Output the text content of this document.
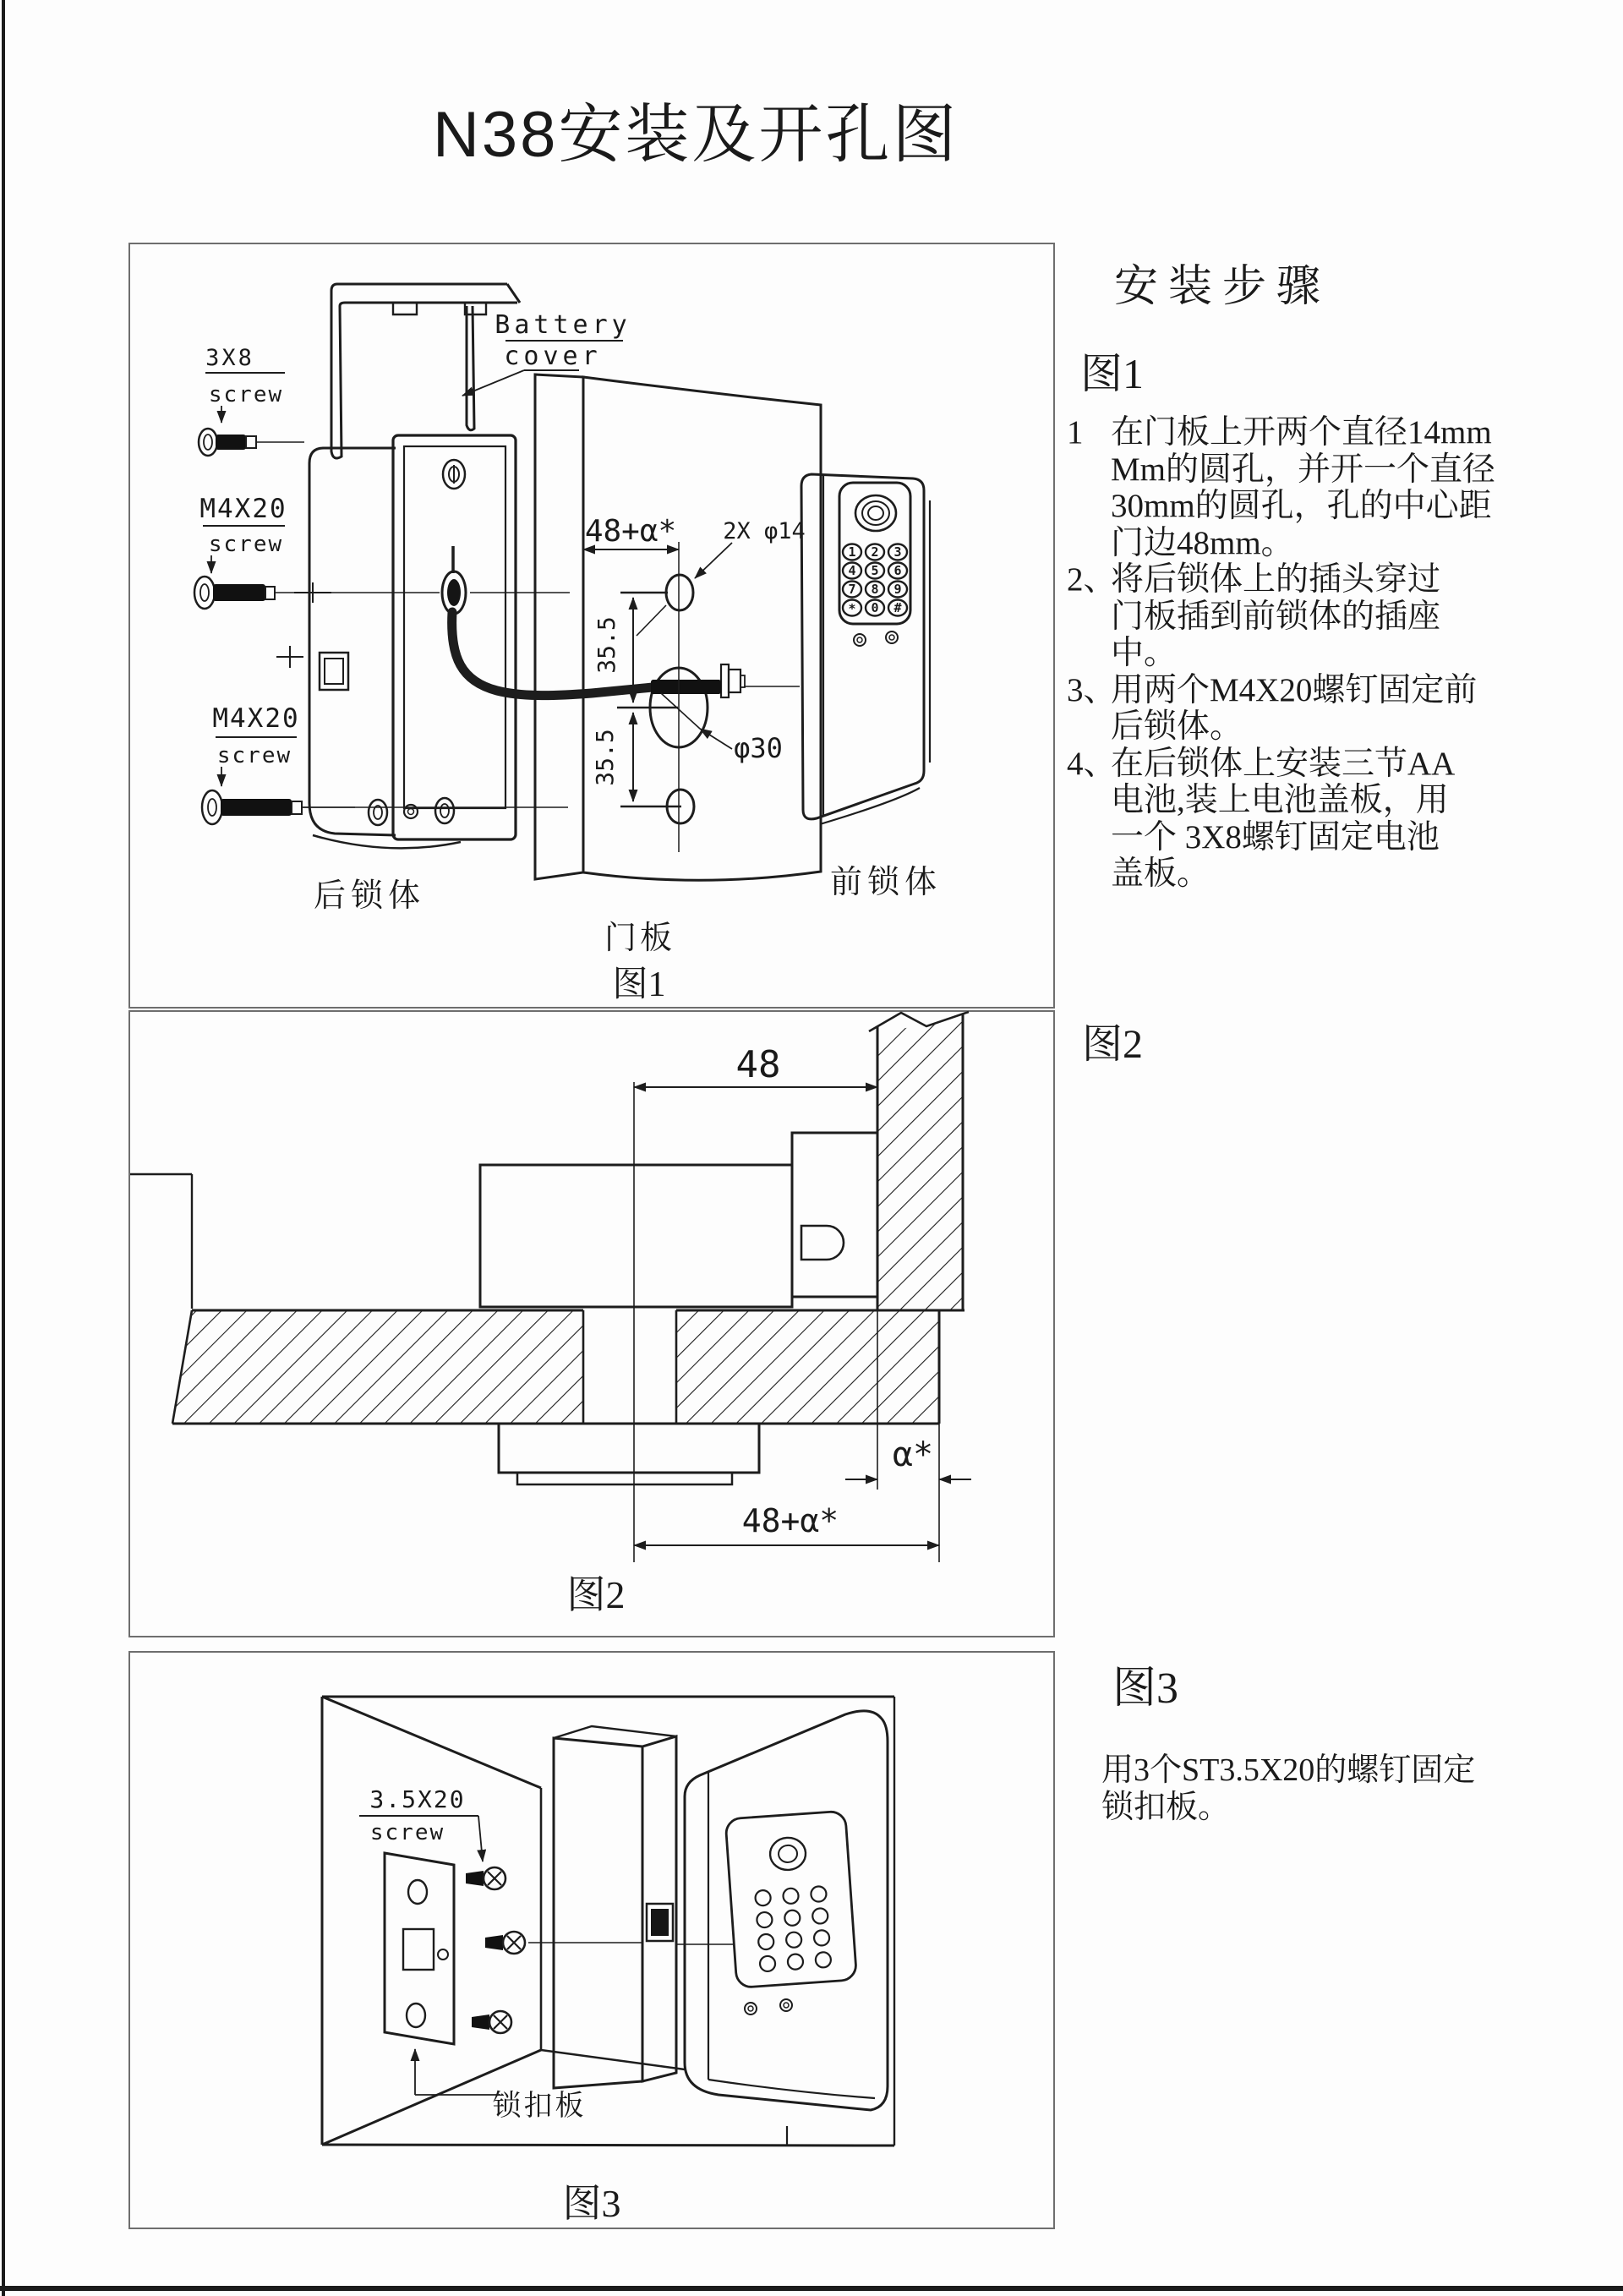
N38安装及开孔图
48+α* 2X φ14
35.5
35.5	φ30
3X8
screw
M4X20
screw
M4X20
screw
Battery
cover
1 2 3
4 5 6
7 8 9
* 0 #
后锁体
门板
前锁体
图1
48
α*
48+α*
图2
3.5X20
screw
锁扣板
图3
安装步骤
图1
1 在门板上开两个直径14mm
Mm的圆孔，并开一个直径
30mm的圆孔，孔的中心距
门边48mm。
2、
将后锁体上的插头穿过
门板插到前锁体的插座
中。
3、
用两个M4X20螺钉固定前
后锁体。
4、
在后锁体上安装三节AA
电池,装上电池盖板，用
一个 3X8螺钉固定电池
盖板。
图2
图3
用3个ST3.5X20的螺钉固定
锁扣板。
